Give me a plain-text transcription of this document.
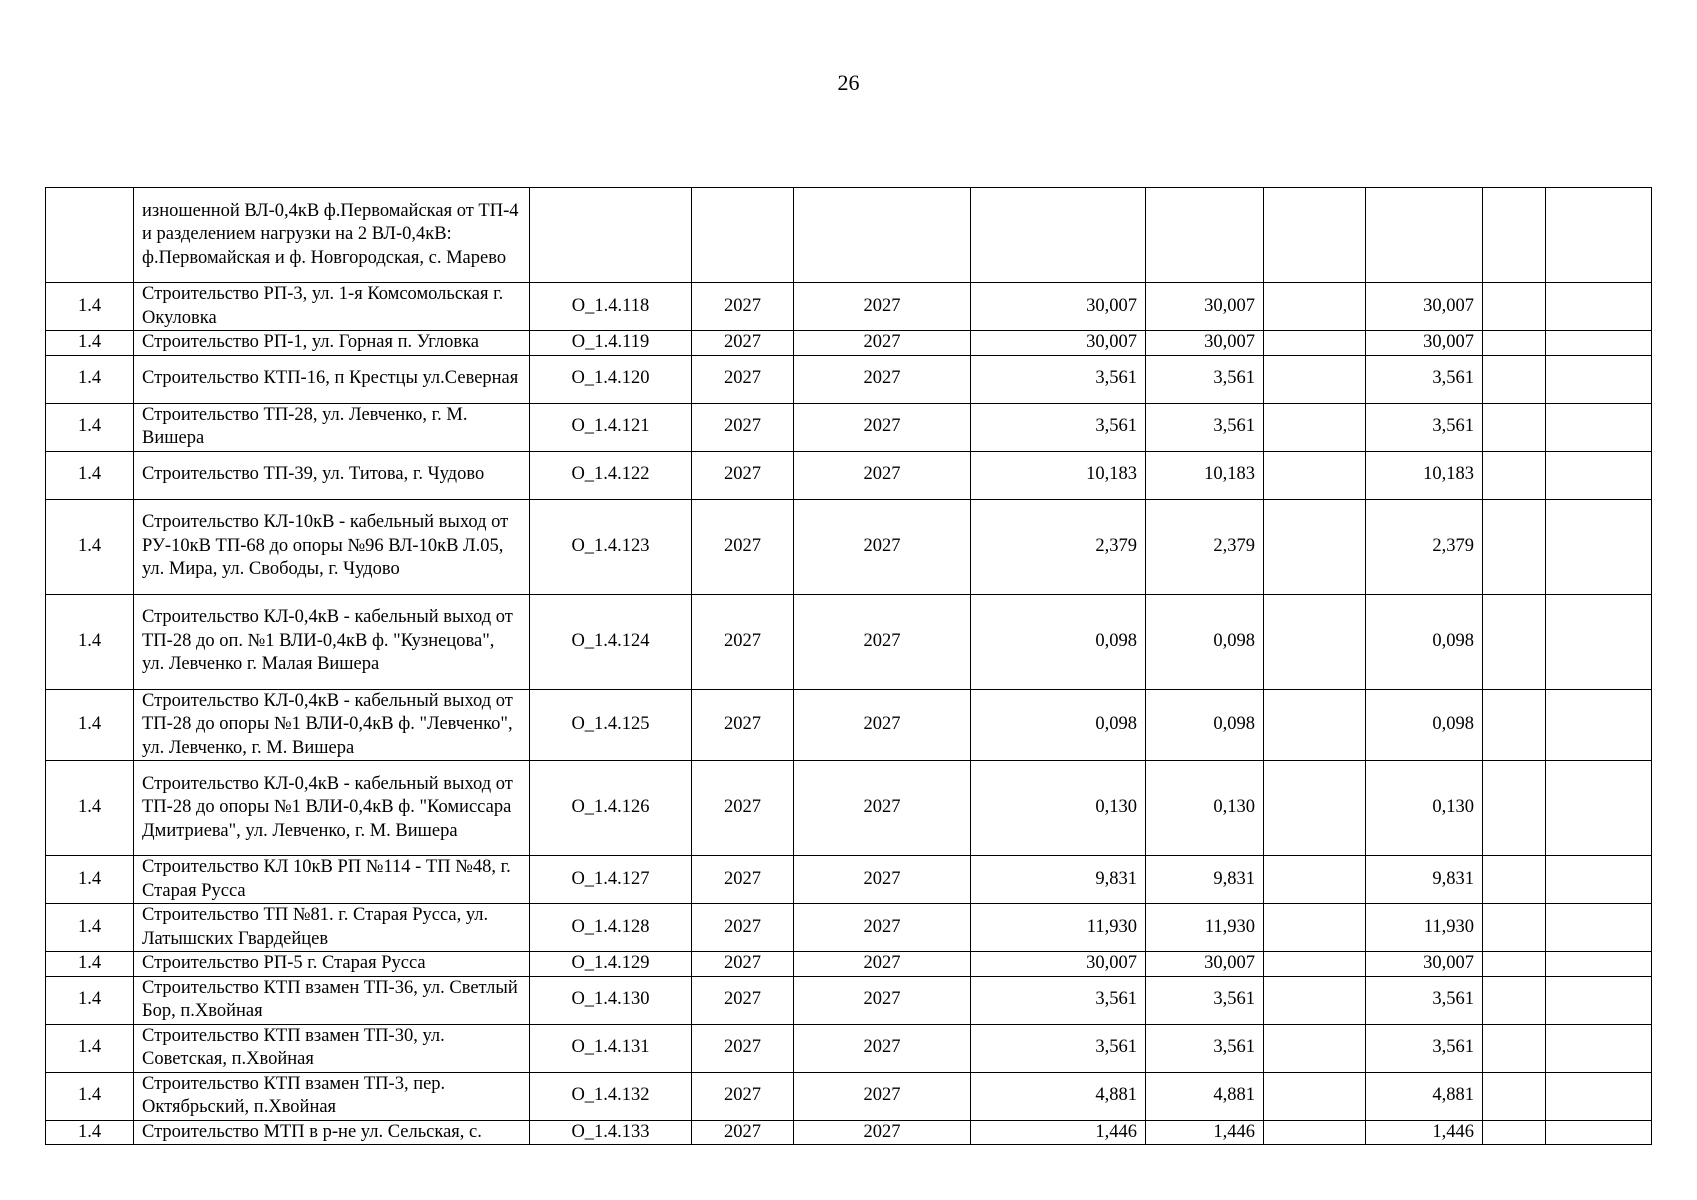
26
	изношенной ВЛ-0,4кВ ф.Первомайская от ТП-4 и разделением нагрузки на 2 ВЛ-0,4кВ: ф.Первомайская и ф. Новгородская, с. Марево									
1.4	Строительство РП-3, ул. 1-я Комсомольская г. Окуловка	О_1.4.118	2027	2027	30,007	30,007		30,007		
1.4	Строительство РП-1, ул. Горная п. Угловка	О_1.4.119	2027	2027	30,007	30,007		30,007		
1.4	Строительство КТП-16, п Крестцы ул.Северная	О_1.4.120	2027	2027	3,561	3,561		3,561		
1.4	Строительство ТП-28, ул. Левченко, г. М. Вишера	О_1.4.121	2027	2027	3,561	3,561		3,561		
1.4	Строительство ТП-39, ул. Титова, г. Чудово	О_1.4.122	2027	2027	10,183	10,183		10,183		
1.4	Строительство КЛ-10кВ - кабельный выход от РУ-10кВ ТП-68 до опоры №96 ВЛ-10кВ Л.05, ул. Мира, ул. Свободы, г. Чудово	О_1.4.123	2027	2027	2,379	2,379		2,379		
1.4	Строительство КЛ-0,4кВ - кабельный выход от ТП-28 до оп. №1 ВЛИ-0,4кВ ф. "Кузнецова", ул. Левченко г. Малая Вишера	О_1.4.124	2027	2027	0,098	0,098		0,098		
1.4	Строительство КЛ-0,4кВ - кабельный выход от ТП-28 до опоры №1 ВЛИ-0,4кВ ф. "Левченко", ул. Левченко, г. М. Вишера	О_1.4.125	2027	2027	0,098	0,098		0,098		
1.4	Строительство КЛ-0,4кВ - кабельный выход от ТП-28 до опоры №1 ВЛИ-0,4кВ ф. "Комиссара Дмитриева", ул. Левченко, г. М. Вишера	О_1.4.126	2027	2027	0,130	0,130		0,130		
1.4	Строительство КЛ 10кВ РП №114 - ТП №48, г. Старая Русса	О_1.4.127	2027	2027	9,831	9,831		9,831		
1.4	Строительство ТП №81. г. Старая Русса, ул. Латышских Гвардейцев	О_1.4.128	2027	2027	11,930	11,930		11,930		
1.4	Строительство РП-5 г. Старая Русса	О_1.4.129	2027	2027	30,007	30,007		30,007		
1.4	Строительство КТП взамен ТП-36, ул. Светлый Бор, п.Хвойная	О_1.4.130	2027	2027	3,561	3,561		3,561		
1.4	Строительство КТП взамен ТП-30, ул. Советская, п.Хвойная	О_1.4.131	2027	2027	3,561	3,561		3,561		
1.4	Строительство КТП взамен ТП-3, пер. Октябрьский, п.Хвойная	О_1.4.132	2027	2027	4,881	4,881		4,881		
1.4	Строительство МТП в р-не ул. Сельская, с.	О_1.4.133	2027	2027	1,446	1,446		1,446		
